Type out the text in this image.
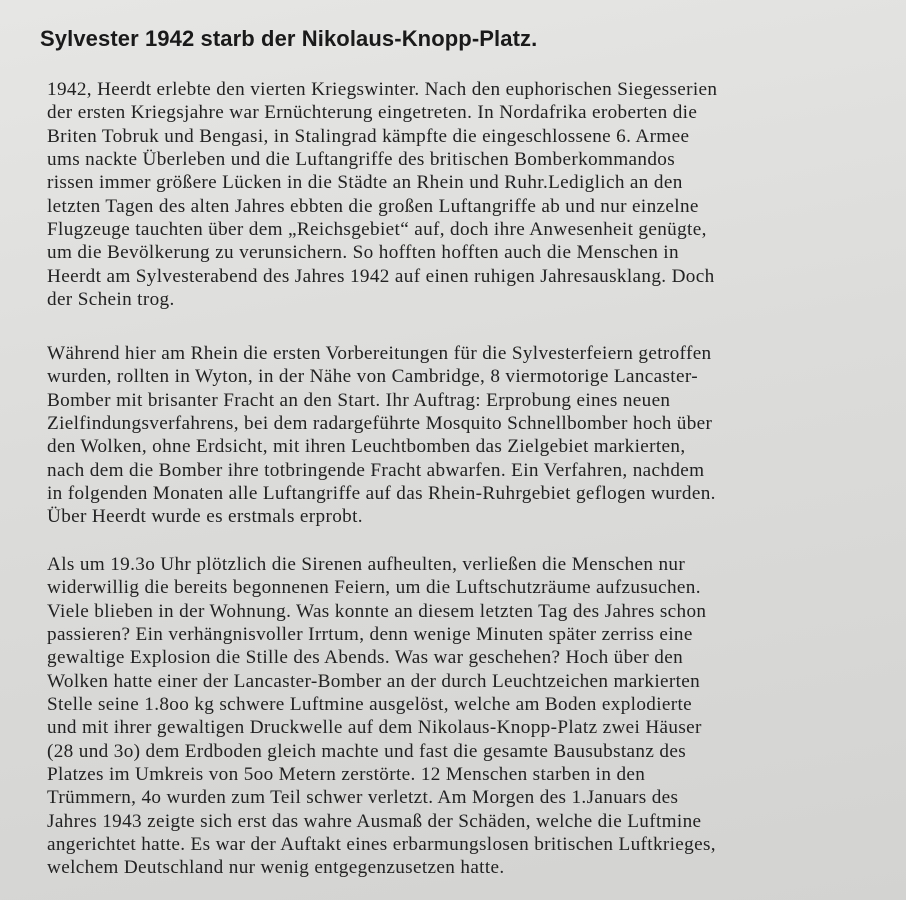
Sylvester 1942 starb der Nikolaus-Knopp-Platz.
1942, Heerdt erlebte den vierten Kriegswinter. Nach den euphorischen Siegesserien
der ersten Kriegsjahre war Ernüchterung eingetreten. In Nordafrika eroberten die
Briten Tobruk und Bengasi, in Stalingrad kämpfte die eingeschlossene 6. Armee
ums nackte Überleben und die Luftangriffe des britischen Bomberkommandos
rissen immer größere Lücken in die Städte an Rhein und Ruhr.Lediglich an den
letzten Tagen des alten Jahres ebbten die großen Luftangriffe ab und nur einzelne
Flugzeuge tauchten über dem „Reichsgebiet“ auf, doch ihre Anwesenheit genügte,
um die Bevölkerung zu verunsichern. So hofften hofften auch die Menschen in
Heerdt am Sylvesterabend des Jahres 1942 auf einen ruhigen Jahresausklang. Doch
der Schein trog.
Während hier am Rhein die ersten Vorbereitungen für die Sylvesterfeiern getroffen
wurden, rollten in Wyton, in der Nähe von Cambridge, 8 viermotorige Lancaster-
Bomber mit brisanter Fracht an den Start. Ihr Auftrag: Erprobung eines neuen
Zielfindungsverfahrens, bei dem radargeführte Mosquito Schnellbomber hoch über
den Wolken, ohne Erdsicht, mit ihren Leuchtbomben das Zielgebiet markierten,
nach dem die Bomber ihre totbringende Fracht abwarfen. Ein Verfahren, nachdem
in folgenden Monaten alle Luftangriffe auf das Rhein-Ruhrgebiet geflogen wurden.
Über Heerdt wurde es erstmals erprobt.
Als um 19.3o Uhr plötzlich die Sirenen aufheulten, verließen die Menschen nur
widerwillig die bereits begonnenen Feiern, um die Luftschutzräume aufzusuchen.
Viele blieben in der Wohnung. Was konnte an diesem letzten Tag des Jahres schon
passieren? Ein verhängnisvoller Irrtum, denn wenige Minuten später zerriss eine
gewaltige Explosion die Stille des Abends. Was war geschehen? Hoch über den
Wolken hatte einer der Lancaster-Bomber an der durch Leuchtzeichen markierten
Stelle seine 1.8oo kg schwere Luftmine ausgelöst, welche am Boden explodierte
und mit ihrer gewaltigen Druckwelle auf dem Nikolaus-Knopp-Platz zwei Häuser
(28 und 3o) dem Erdboden gleich machte und fast die gesamte Bausubstanz des
Platzes im Umkreis von 5oo Metern zerstörte. 12 Menschen starben in den
Trümmern, 4o wurden zum Teil schwer verletzt. Am Morgen des 1.Januars des
Jahres 1943 zeigte sich erst das wahre Ausmaß der Schäden, welche die Luftmine
angerichtet hatte. Es war der Auftakt eines erbarmungslosen britischen Luftkrieges,
welchem Deutschland nur wenig entgegenzusetzen hatte.
